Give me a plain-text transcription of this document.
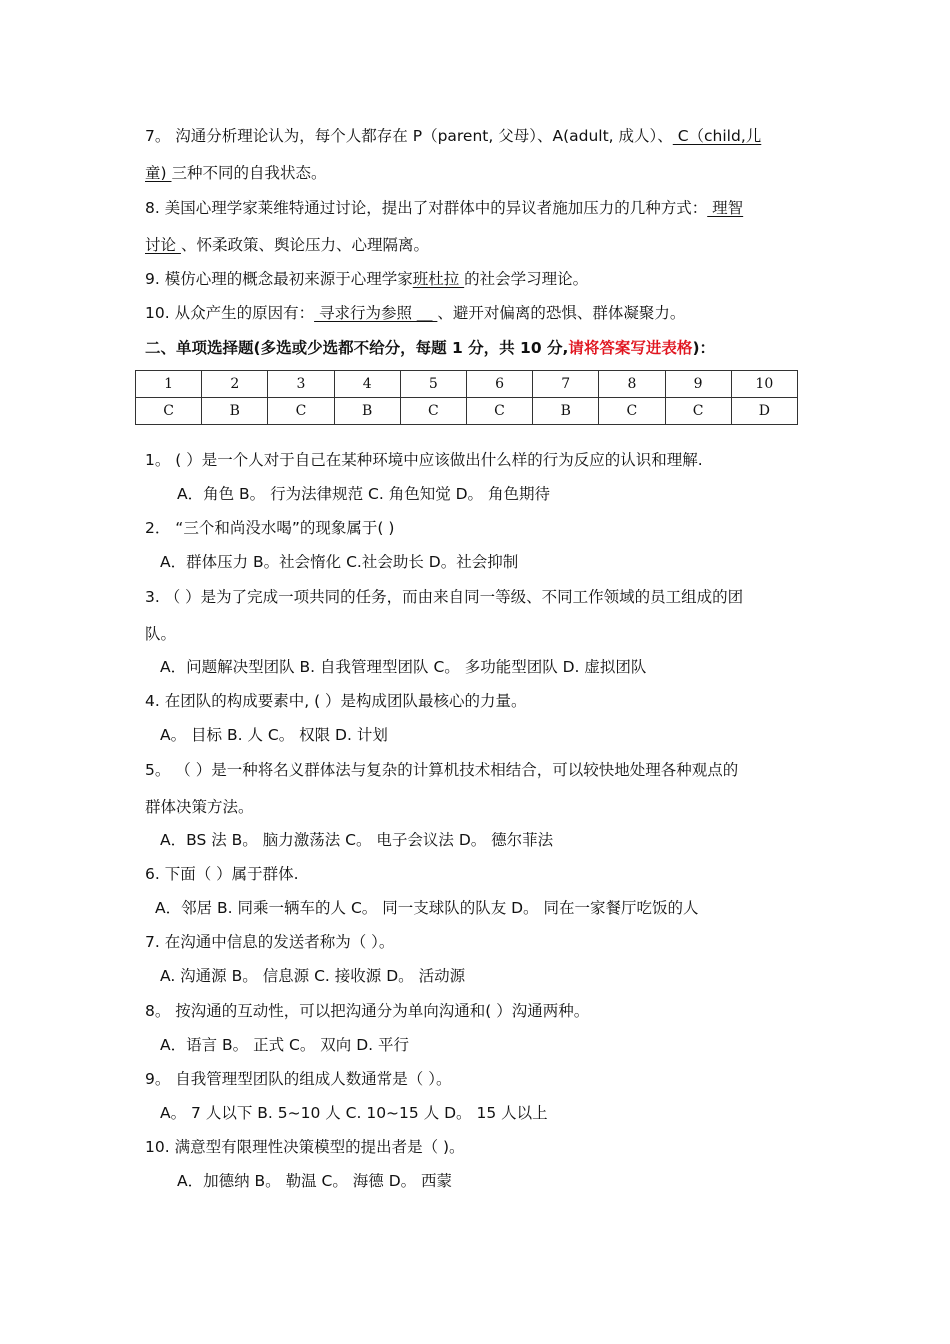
7。 沟通分析理论认为，每个人都存在 P（parent, 父母）、A(adult, 成人）、 C（child,儿
童) 三种不同的自我状态。
8. 美国心理学家莱维特通过讨论，提出了对群体中的异议者施加压力的几种方式： 理智
讨论 、怀柔政策、舆论压力、心理隔离。
9. 模仿心理的概念最初来源于心理学家班杜拉 的社会学习理论。
10. 从众产生的原因有： 寻求行为参照 __ 、避开对偏离的恐惧、群体凝聚力。
二、单项选择题(多选或少选都不给分，每题 1 分，共 10 分,请将答案写进表格)：
1	2	3	4	5	6	7	8	9	10
C	B	C	B	C	C	B	C	C	D
1。 ( ）是一个人对于自己在某种环境中应该做出什么样的行为反应的认识和理解.
A．角色 B。 行为法律规范 C. 角色知觉 D。 角色期待
2． “三个和尚没水喝”的现象属于( )
A．群体压力 B。社会惰化 C.社会助长 D。社会抑制
3. （ ）是为了完成一项共同的任务，而由来自同一等级、不同工作领域的员工组成的团
队。
A．问题解决型团队 B. 自我管理型团队 C。 多功能型团队 D. 虚拟团队
4. 在团队的构成要素中, ( ）是构成团队最核心的力量。
A。 目标 B. 人 C。 权限 D. 计划
5。 （ ）是一种将名义群体法与复杂的计算机技术相结合，可以较快地处理各种观点的
群体决策方法。
A．BS 法 B。 脑力激荡法 C。 电子会议法 D。 德尔菲法
6. 下面（ ）属于群体.
A．邻居 B. 同乘一辆车的人 C。 同一支球队的队友 D。 同在一家餐厅吃饭的人
7. 在沟通中信息的发送者称为（ ）。
A. 沟通源 B。 信息源 C. 接收源 D。 活动源
8。 按沟通的互动性，可以把沟通分为单向沟通和( ）沟通两种。
A．语言 B。 正式 C。 双向 D. 平行
9。 自我管理型团队的组成人数通常是（ ）。
A。 7 人以下 B. 5~10 人 C. 10~15 人 D。 15 人以上
10. 满意型有限理性决策模型的提出者是（ )。
A．加德纳 B。 勒温 C。 海德 D。 西蒙
